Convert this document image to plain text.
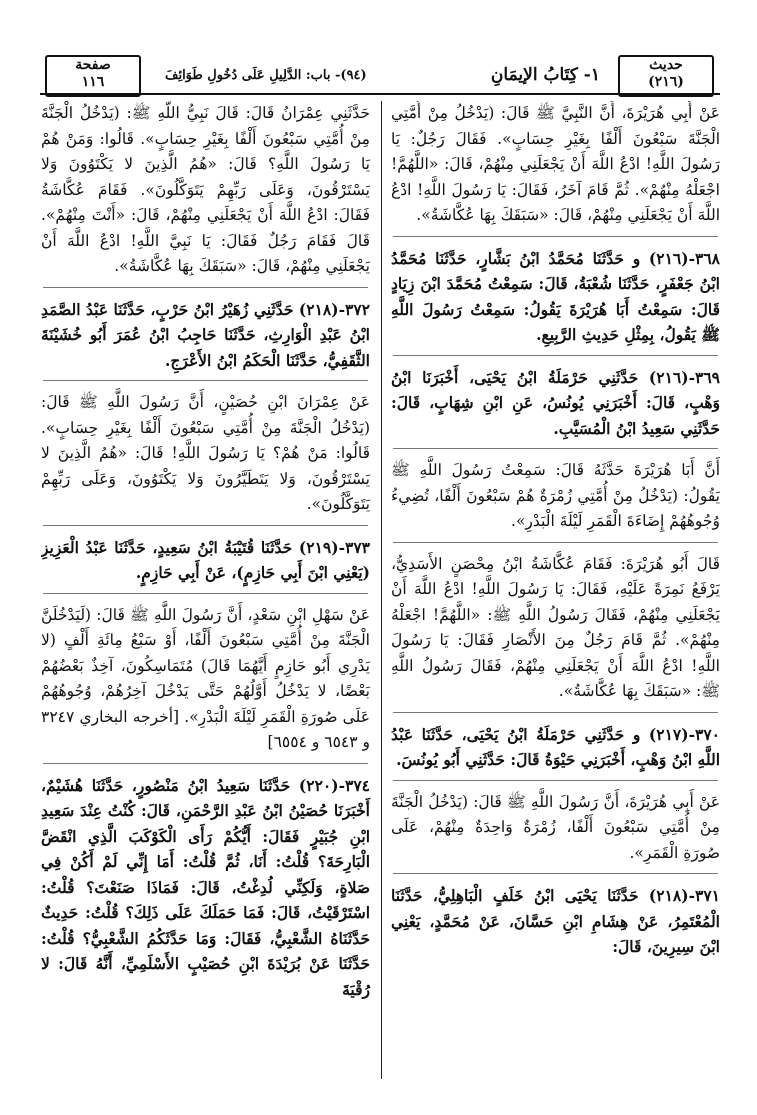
حديث
(٢١٦)
١- كِتَابُ الإيمَانِ
(٩٤)- باب: الدَّلِيلِ عَلَى دُخُولِ طَوَائِفَ
صفحة
١١٦

عَنْ أَبِي هُرَيْرَةَ، أَنَّ النَّبِيَّ ﷺ قَالَ: (يَدْخُلُ مِنْ أُمَّتِي الْجَنَّةَ سَبْعُونَ أَلْفًا بِغَيْرِ حِسَابٍ». فَقَالَ رَجُلٌ: يَا رَسُولَ اللَّهِ! ادْعُ اللَّهَ أَنْ يَجْعَلَنِي مِنْهُمْ، قَالَ: «اللَّهُمَّ! اجْعَلْهُ مِنْهُمْ». ثُمَّ قَامَ آخَرُ، فَقَالَ: يَا رَسُولَ اللَّهِ! ادْعُ اللَّهَ أَنْ يَجْعَلَنِي مِنْهُمْ، قَالَ: «سَبَقَكَ بِهَا عُكَّاشَةُ».

٣٦٨-(٢١٦) و حَدَّثَنَا مُحَمَّدُ ابْنُ بَشَّارٍ، حَدَّثَنَا مُحَمَّدُ ابْنُ جَعْفَرٍ، حَدَّثَنَا شُعْبَةُ، قَالَ: سَمِعْتُ مُحَمَّدَ ابْنَ زِيَادٍ قَالَ: سَمِعْتُ أَبَا هُرَيْرَةَ يَقُولُ: سَمِعْتُ رَسُولَ اللَّهِ ﷺ يَقُولُ، بِمِثْلِ حَدِيثِ الرَّبِيعِ.

٣٦٩-(٢١٦) حَدَّثَنِي حَرْمَلَةُ ابْنُ يَحْيَى، أَخْبَرَنَا ابْنُ وَهْبٍ، قَالَ: أَخْبَرَنِي يُونُسُ، عَنِ ابْنِ شِهَابٍ، قَالَ: حَدَّثَنِي سَعِيدُ ابْنُ الْمُسَيَّبِ.

أَنَّ أَبَا هُرَيْرَةَ حَدَّثَهُ قَالَ: سَمِعْتُ رَسُولَ اللَّهِ ﷺ يَقُولُ: (يَدْخُلُ مِنْ أُمَّتِي زُمْرَةٌ هُمْ سَبْعُونَ أَلْفًا، تُضِيءُ وُجُوهُهُمْ إِضَاءَةَ الْقَمَرِ لَيْلَةَ الْبَدْرِ».

قَالَ أَبُو هُرَيْرَةَ: فَقَامَ عُكَّاشَةُ ابْنُ مِحْصَنٍ الأَسَدِيُّ، يَرْفَعُ نَمِرَةً عَلَيْهِ، فَقَالَ: يَا رَسُولَ اللَّهِ! ادْعُ اللَّهَ أَنْ يَجْعَلَنِي مِنْهُمْ، فَقَالَ رَسُولُ اللَّهِ ﷺ: «اللَّهُمَّ! اجْعَلْهُ مِنْهُمْ». ثُمَّ قَامَ رَجُلٌ مِنَ الأَنْصَارِ فَقَالَ: يَا رَسُولَ اللَّهِ! ادْعُ اللَّهَ أَنْ يَجْعَلَنِي مِنْهُمْ، فَقَالَ رَسُولُ اللَّهِ ﷺ: «سَبَقَكَ بِهَا عُكَّاشَةُ».

٣٧٠-(٢١٧) و حَدَّثَنِي حَرْمَلَةُ ابْنُ يَحْيَى، حَدَّثَنَا عَبْدُ اللَّهِ ابْنُ وَهْبٍ، أَخْبَرَنِي حَيْوَةُ قَالَ: حَدَّثَنِي أَبُو يُونُسَ.

عَنْ أَبِي هُرَيْرَةَ، أَنَّ رَسُولَ اللَّهِ ﷺ قَالَ: (يَدْخُلُ الْجَنَّةَ مِنْ أُمَّتِي سَبْعُونَ أَلْفًا، زُمْرَةٌ وَاحِدَةٌ مِنْهُمْ، عَلَى صُورَةِ الْقَمَرِ».

٣٧١-(٢١٨) حَدَّثَنَا يَحْيَى ابْنُ خَلَفٍ الْبَاهِلِيُّ، حَدَّثَنَا الْمُعْتَمِرُ، عَنْ هِشَامِ ابْنِ حَسَّانَ، عَنْ مُحَمَّدٍ، يَعْنِي ابْنَ سِيرِينَ، قَالَ:

حَدَّثَنِي عِمْرَانُ قَالَ: قَالَ نَبِيُّ اللَّهِ ﷺ: (يَدْخُلُ الْجَنَّةَ مِنْ أُمَّتِي سَبْعُونَ أَلْفًا بِغَيْرِ حِسَابٍ». قَالُوا: وَمَنْ هُمْ يَا رَسُولَ اللَّهِ؟ قَالَ: «هُمُ الَّذِينَ لا يَكْتَوُونَ وَلا يَسْتَرْقُونَ، وَعَلَى رَبِّهِمْ يَتَوَكَّلُونَ». فَقَامَ عُكَّاشَةُ فَقَالَ: ادْعُ اللَّهَ أَنْ يَجْعَلَنِي مِنْهُمْ، قَالَ: «أَنْتَ مِنْهُمْ». قَالَ فَقَامَ رَجُلٌ فَقَالَ: يَا نَبِيَّ اللَّهِ! ادْعُ اللَّهَ أَنْ يَجْعَلَنِي مِنْهُمْ، قَالَ: «سَبَقَكَ بِهَا عُكَّاشَةُ».

٣٧٢-(٢١٨) حَدَّثَنِي زُهَيْرُ ابْنُ حَرْبٍ، حَدَّثَنَا عَبْدُ الصَّمَدِ ابْنُ عَبْدِ الْوَارِثِ، حَدَّثَنَا حَاجِبُ ابْنُ عُمَرَ أَبُو خُشَيْنَةَ الثَّقَفِيُّ، حَدَّثَنَا الْحَكَمُ ابْنُ الأَعْرَجِ.

عَنْ عِمْرَانَ ابْنِ حُصَيْنٍ، أَنَّ رَسُولَ اللَّهِ ﷺ قَالَ: (يَدْخُلُ الْجَنَّةَ مِنْ أُمَّتِي سَبْعُونَ أَلْفًا بِغَيْرِ حِسَابٍ». قَالُوا: مَنْ هُمْ؟ يَا رَسُولَ اللَّهِ! قَالَ: «هُمُ الَّذِينَ لا يَسْتَرْقُونَ، وَلا يَتَطَيَّرُونَ وَلا يَكْتَوُونَ، وَعَلَى رَبِّهِمْ يَتَوَكَّلُونَ».

٣٧٣-(٢١٩) حَدَّثَنَا قُتَيْبَةُ ابْنُ سَعِيدٍ، حَدَّثَنَا عَبْدُ الْعَزِيزِ (يَعْنِي ابْنَ أَبِي حَازِمٍ)، عَنْ أَبِي حَازِمٍ.

عَنْ سَهْلِ ابْنِ سَعْدٍ، أَنَّ رَسُولَ اللَّهِ ﷺ قَالَ: (لَيَدْخُلَنَّ الْجَنَّةَ مِنْ أُمَّتِي سَبْعُونَ أَلْفًا، أَوْ سَبْعُ مِائَةِ أَلْفٍ (لا يَدْرِي أَبُو حَازِمٍ أَيَّهُمَا قَالَ) مُتَمَاسِكُونَ، آخِذٌ بَعْضُهُمْ بَعْضًا، لا يَدْخُلُ أَوَّلُهُمْ حَتَّى يَدْخُلَ آخِرُهُمْ، وُجُوهُهُمْ عَلَى صُورَةِ الْقَمَرِ لَيْلَةَ الْبَدْرِ». [أخرجه البخاري ٣٢٤٧ و ٦٥٤٣ و ٦٥٥٤]

٣٧٤-(٢٢٠) حَدَّثَنَا سَعِيدُ ابْنُ مَنْصُورٍ، حَدَّثَنَا هُشَيْمٌ، أَخْبَرَنَا حُصَيْنُ ابْنُ عَبْدِ الرَّحْمَنِ، قَالَ: كُنْتُ عِنْدَ سَعِيدِ ابْنِ جُبَيْرٍ فَقَالَ: أَيُّكُمْ رَأَى الْكَوْكَبَ الَّذِي انْقَضَّ الْبَارِحَةَ؟ قُلْتُ: أَنَا، ثُمَّ قُلْتُ: أَمَا إِنِّي لَمْ أَكُنْ فِي صَلاةٍ، وَلَكِنِّي لُدِغْتُ، قَالَ: فَمَاذَا صَنَعْتَ؟ قُلْتُ: اسْتَرْقَيْتُ، قَالَ: فَمَا حَمَلَكَ عَلَى ذَلِكَ؟ قُلْتُ: حَدِيثٌ حَدَّثَنَاهُ الشَّعْبِيُّ، فَقَالَ: وَمَا حَدَّثَكُمُ الشَّعْبِيُّ؟ قُلْتُ: حَدَّثَنَا عَنْ بُرَيْدَةَ ابْنِ حُصَيْبٍ الأَسْلَمِيِّ، أَنَّهُ قَالَ: لا رُقْيَةَ
